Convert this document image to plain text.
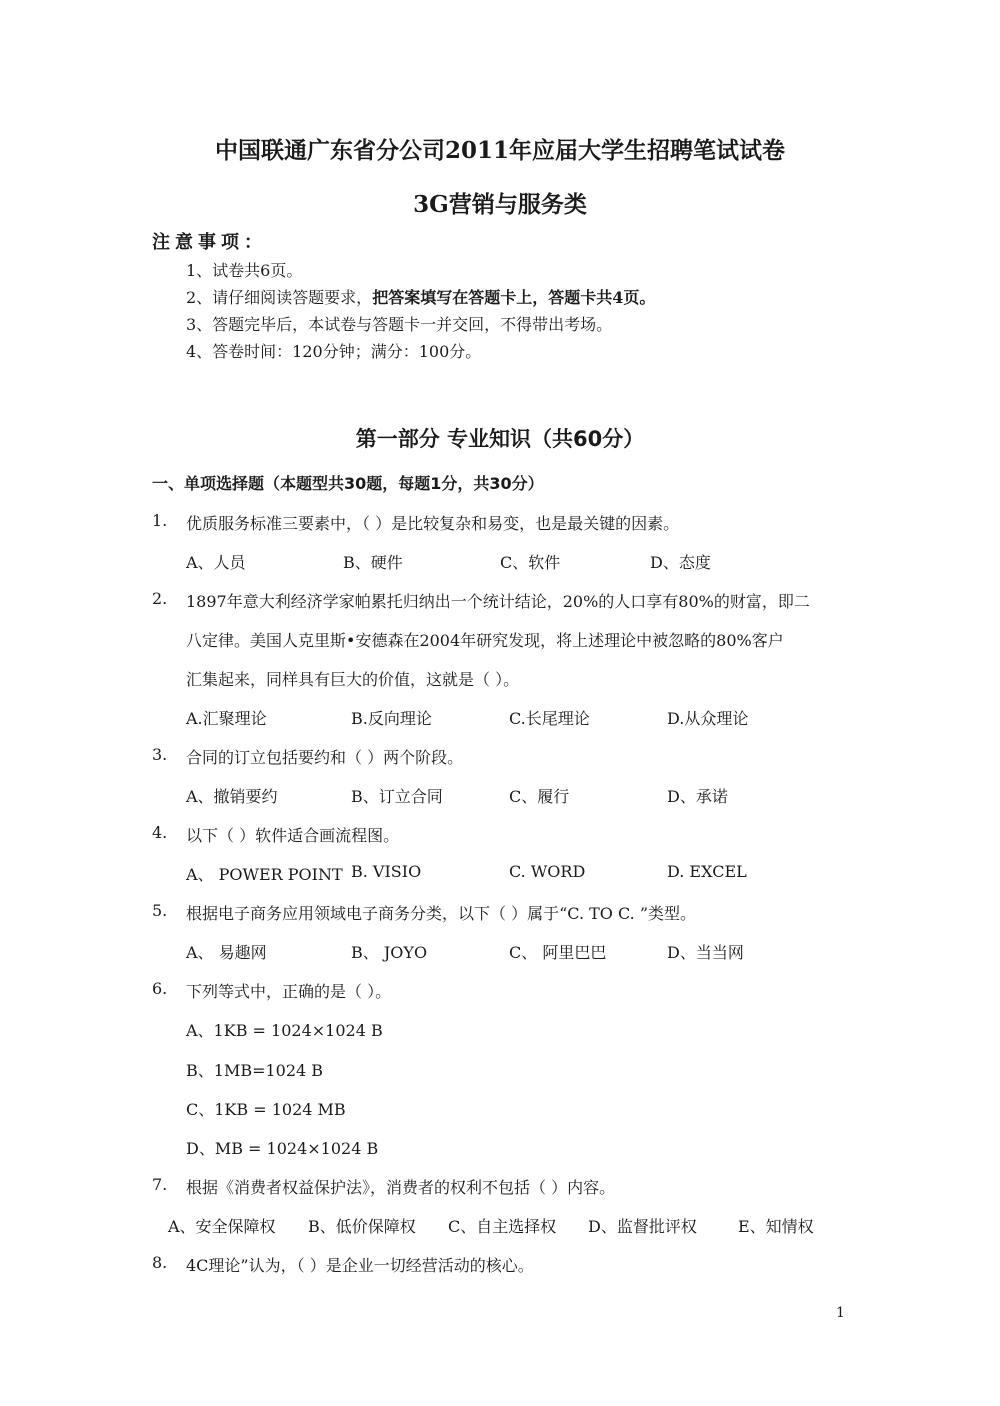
中国联通广东省分公司2011年应届大学生招聘笔试试卷
3G营销与服务类
注意事项：
1、试卷共6页。
2、请仔细阅读答题要求，把答案填写在答题卡上，答题卡共4页。
3、答题完毕后，本试卷与答题卡一并交回，不得带出考场。
4、答卷时间：120分钟；满分：100分。
第一部分 专业知识（共60分）
一、单项选择题（本题型共30题，每题1分，共30分）
1. 优质服务标准三要素中，（ ）是比较复杂和易变，也是最关键的因素。
A、人员	B、硬件	C、软件	D、态度
2. 1897年意大利经济学家帕累托归纳出一个统计结论，20%的人口享有80%的财富，即二
八定律。美国人克里斯•安德森在2004年研究发现，将上述理论中被忽略的80%客户
汇集起来，同样具有巨大的价值，这就是（ ）。
A.汇聚理论	B.反向理论	C.长尾理论	D.从众理论
3. 合同的订立包括要约和（ ）两个阶段。
A、撤销要约	B、订立合同	C、履行	D、承诺
4. 以下（ ）软件适合画流程图。
A、 POWER POINT B. VISIO	C. WORD	D. EXCEL
5. 根据电子商务应用领域电子商务分类，以下（ ）属于“C. TO C. ”类型。
A、 易趣网	B、 JOYO	C、 阿里巴巴	D、当当网
6. 下列等式中，正确的是（ ）。
A、1KB = 1024×1024 B
B、1MB=1024 B
C、1KB = 1024 MB
D、MB = 1024×1024 B
7. 根据《消费者权益保护法》，消费者的权利不包括（ ）内容。
A、安全保障权 B、低价保障权 C、自主选择权 D、监督批评权	E、知情权
8. 4C理论”认为，（ ）是企业一切经营活动的核心。
1
